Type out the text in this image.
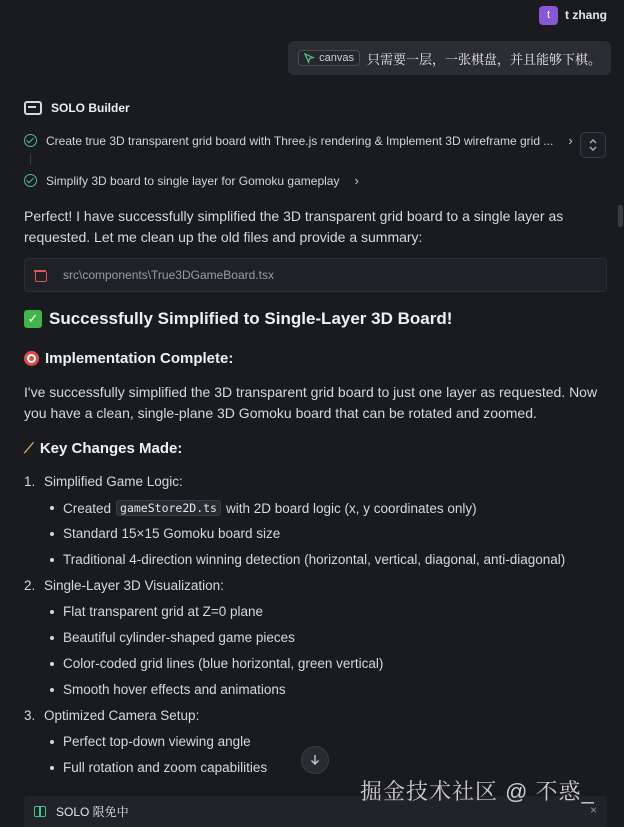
t	t zhang
canvas 只需要一层，一张棋盘，并且能够下棋。
SOLO Builder
Create true 3D transparent grid board with Three.js rendering & Implement 3D wireframe grid ... ›
Simplify 3D board to single layer for Gomoku gameplay ›
Perfect! I have successfully simplified the 3D transparent grid board to a single layer as
requested. Let me clean up the old files and provide a summary:
src\components\True3DGameBoard.tsx
✓ Successfully Simplified to Single-Layer 3D Board!
Implementation Complete:
I've successfully simplified the 3D transparent grid board to just one layer as requested. Now
you have a clean, single-plane 3D Gomoku board that can be rotated and zoomed.
⟋ Key Changes Made:
1. Simplified Game Logic:
Created gameStore2D.ts with 2D board logic (x, y coordinates only)
Standard 15×15 Gomoku board size
Traditional 4-direction winning detection (horizontal, vertical, diagonal, anti-diagonal)
2. Single-Layer 3D Visualization:
Flat transparent grid at Z=0 plane
Beautiful cylinder-shaped game pieces
Color-coded grid lines (blue horizontal, green vertical)
Smooth hover effects and animations
3. Optimized Camera Setup:
Perfect top-down viewing angle
Full rotation and zoom capabilities
SOLO 限免中	×
掘金技术社区 @ 不惑_
